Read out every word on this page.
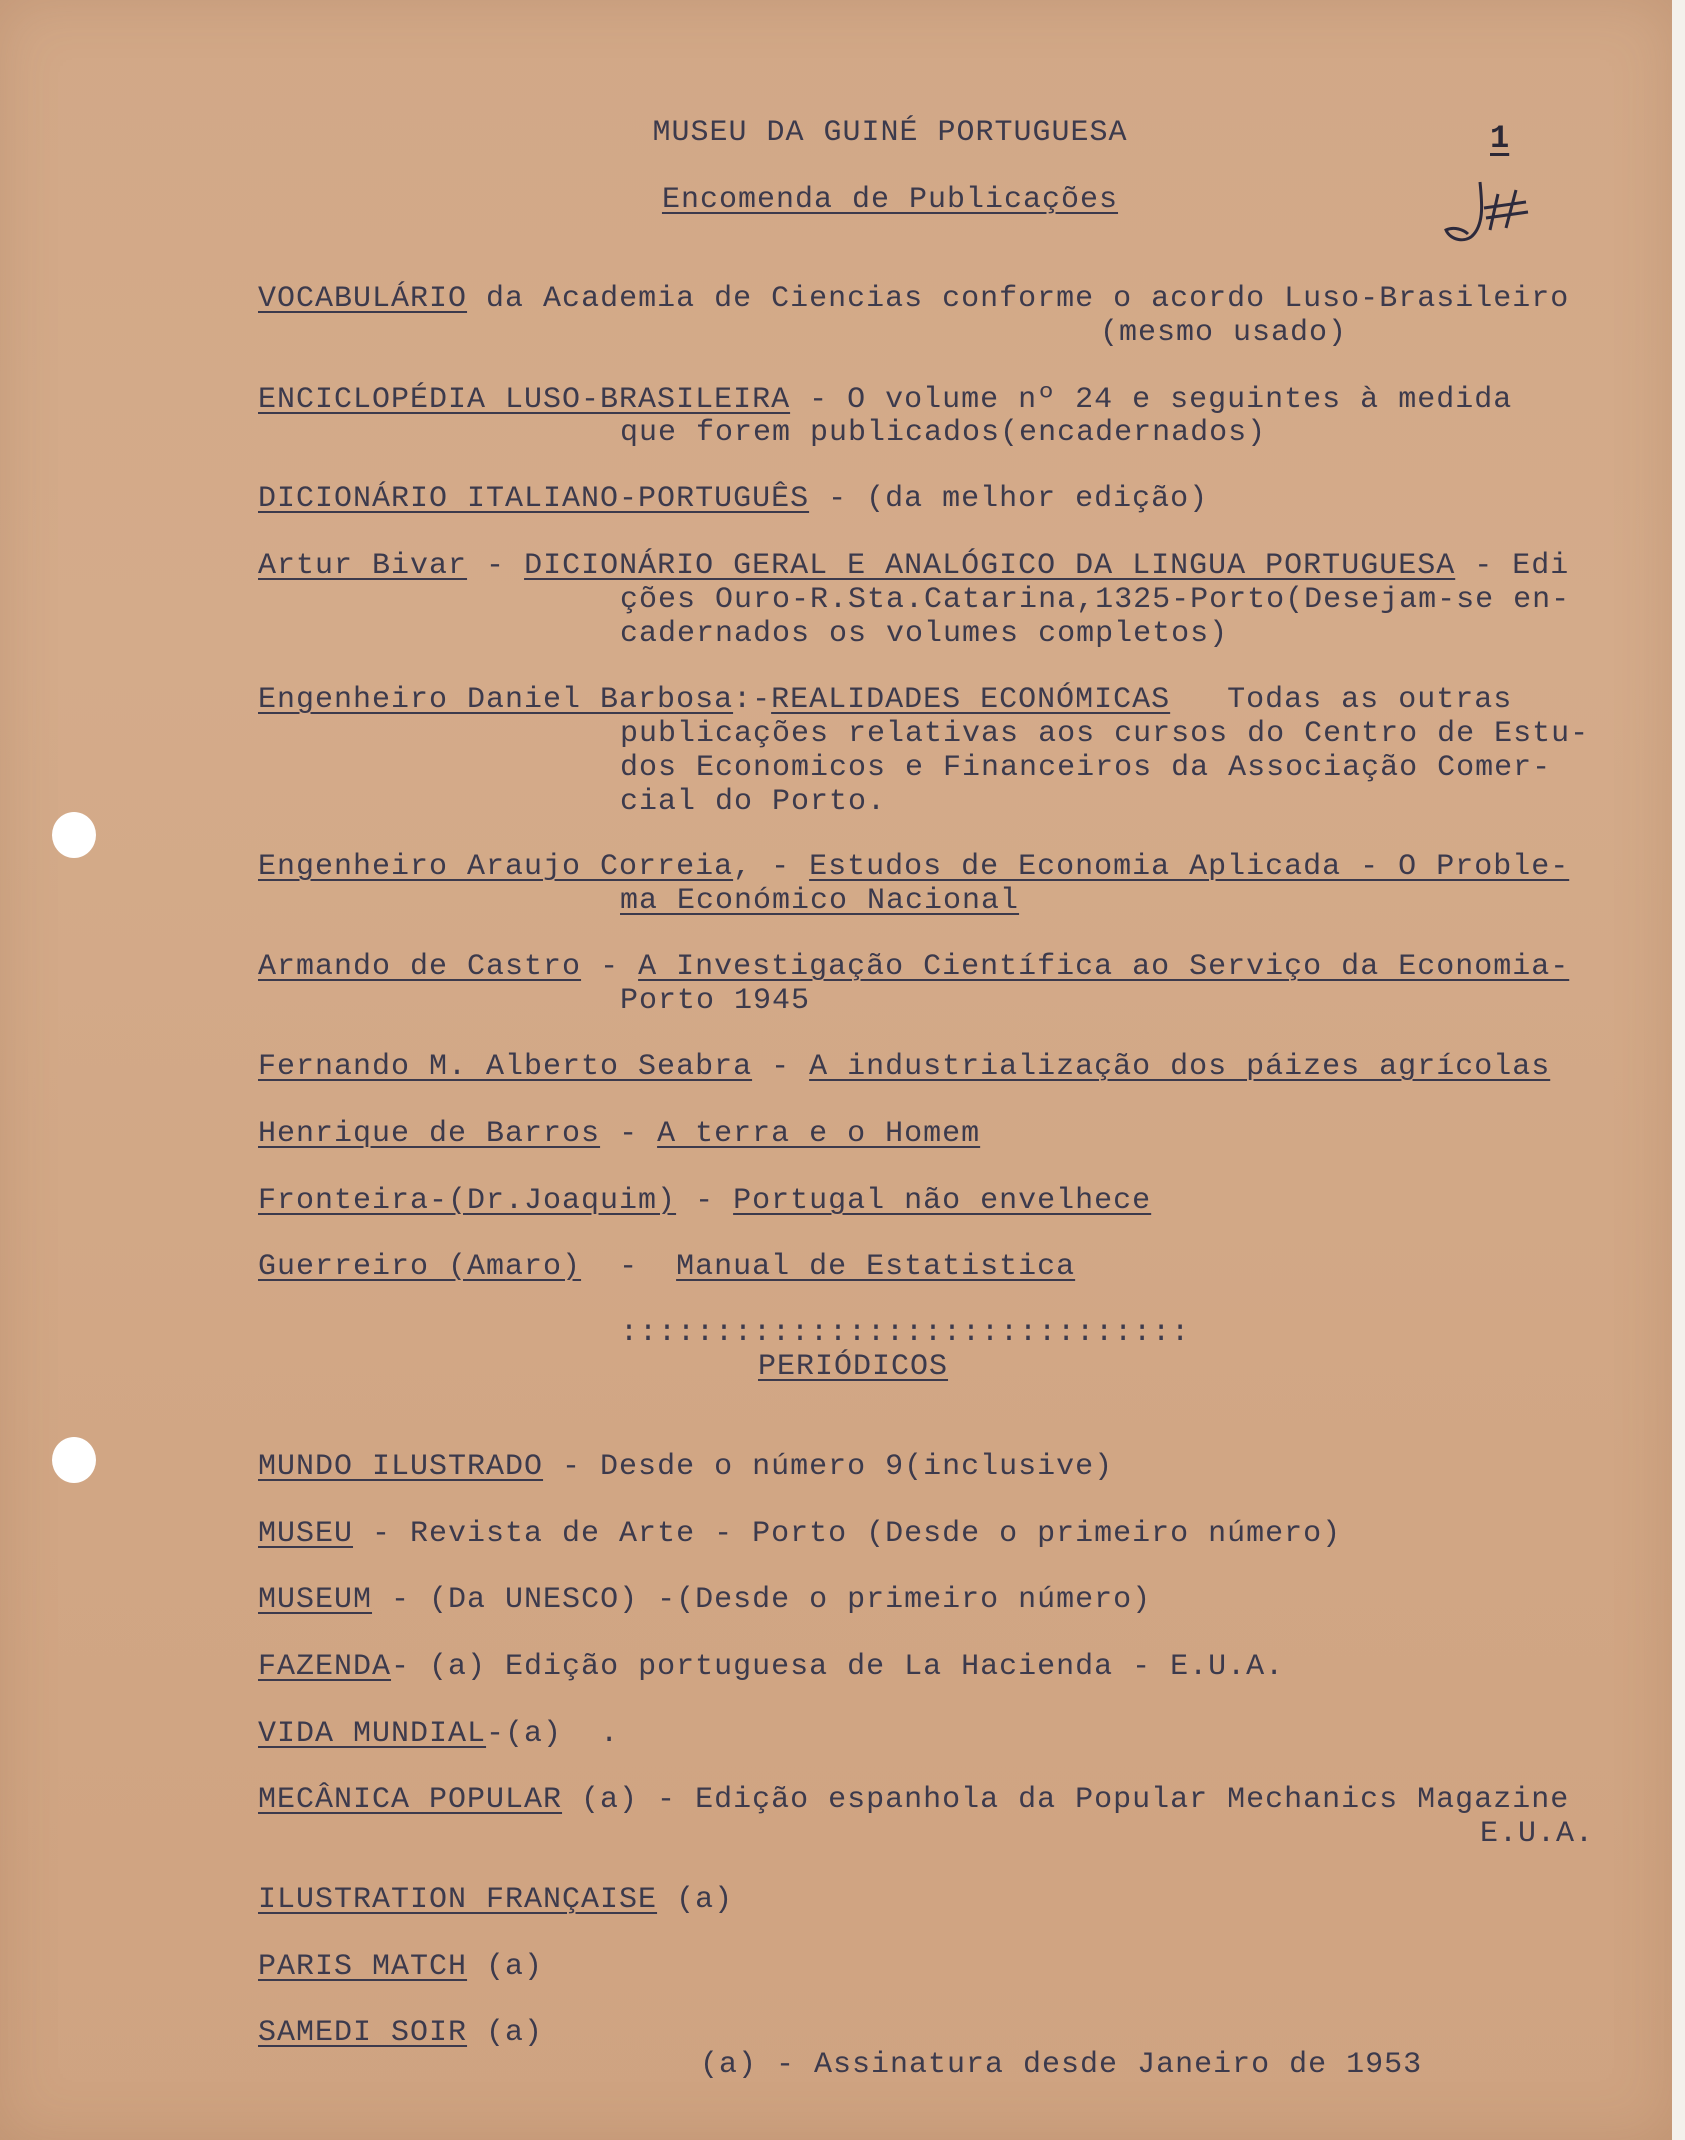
MUSEU DA GUINÉ PORTUGUESA
Encomenda de Publicações
1
VOCABULÁRIO da Academia de Ciencias conforme o acordo Luso-Brasileiro
(mesmo usado)
ENCICLOPÉDIA LUSO-BRASILEIRA - O volume nº 24 e seguintes à medida
que forem publicados(encadernados)
DICIONÁRIO ITALIANO-PORTUGUÊS - (da melhor edição)
Artur Bivar - DICIONÁRIO GERAL E ANALÓGICO DA LINGUA PORTUGUESA - Edi
ções Ouro-R.Sta.Catarina,1325-Porto(Desejam-se en-
cadernados os volumes completos)
Engenheiro Daniel Barbosa:-REALIDADES ECONÓMICAS   Todas as outras
publicações relativas aos cursos do Centro de Estu-
dos Economicos e Financeiros da Associação Comer-
cial do Porto.
Engenheiro Araujo Correia, - Estudos de Economia Aplicada - O Proble-
ma Económico Nacional
Armando de Castro - A Investigação Científica ao Serviço da Economia-
Porto 1945
Fernando M. Alberto Seabra - A industrialização dos páizes agrícolas
Henrique de Barros - A terra e o Homem
Fronteira-(Dr.Joaquim) - Portugal não envelhece
Guerreiro (Amaro)  -  Manual de Estatistica
::::::::::::::::::::::::::::::
PERIÓDICOS
MUNDO ILUSTRADO - Desde o número 9(inclusive)
MUSEU - Revista de Arte - Porto (Desde o primeiro número)
MUSEUM - (Da UNESCO) -(Desde o primeiro número)
FAZENDA- (a) Edição portuguesa de La Hacienda - E.U.A.
VIDA MUNDIAL-(a)  .
MECÂNICA POPULAR (a) - Edição espanhola da Popular Mechanics Magazine
E.U.A.
ILUSTRATION FRANÇAISE (a)
PARIS MATCH (a)
SAMEDI SOIR (a)
(a) - Assinatura desde Janeiro de 1953
